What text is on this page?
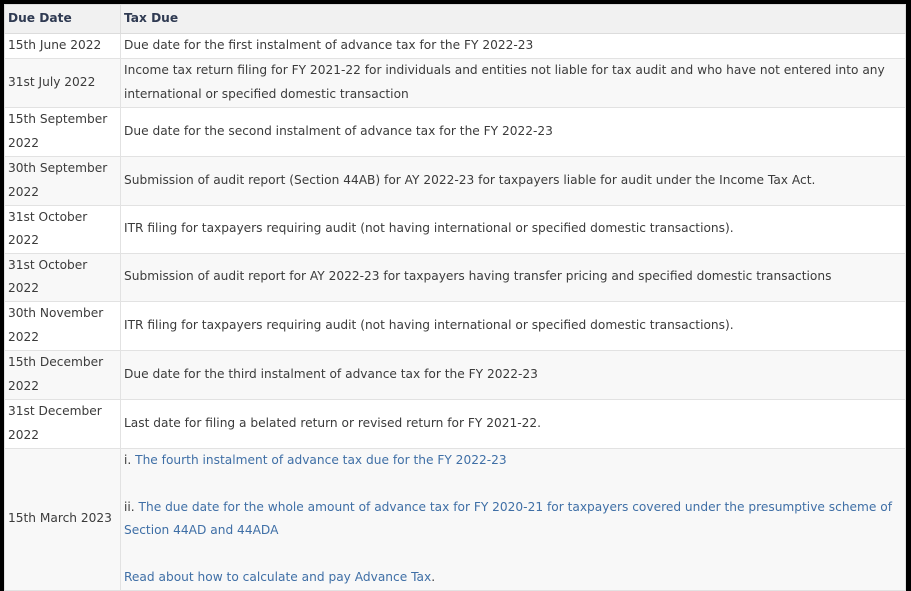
Due Date	Tax Due
15th June 2022	Due date for the first instalment of advance tax for the FY 2022-23
31st July 2022	Income tax return filing for FY 2021-22 for individuals and entities not liable for tax audit and who have not entered into any international or specified domestic transaction
15th September 2022	Due date for the second instalment of advance tax for the FY 2022-23
30th September 2022	Submission of audit report (Section 44AB) for AY 2022-23 for taxpayers liable for audit under the Income Tax Act.
31st October 2022	ITR filing for taxpayers requiring audit (not having international or specified domestic transactions).
31st October 2022	Submission of audit report for AY 2022-23 for taxpayers having transfer pricing and specified domestic transactions
30th November 2022	ITR filing for taxpayers requiring audit (not having international or specified domestic transactions).
15th December 2022	Due date for the third instalment of advance tax for the FY 2022-23
31st December 2022	Last date for filing a belated return or revised return for FY 2021-22.
15th March 2023	i. The fourth instalment of advance tax due for the FY 2022-23
ii. The due date for the whole amount of advance tax for FY 2020-21 for taxpayers covered under the presumptive scheme of Section 44AD and 44ADA
Read about how to calculate and pay Advance Tax.
